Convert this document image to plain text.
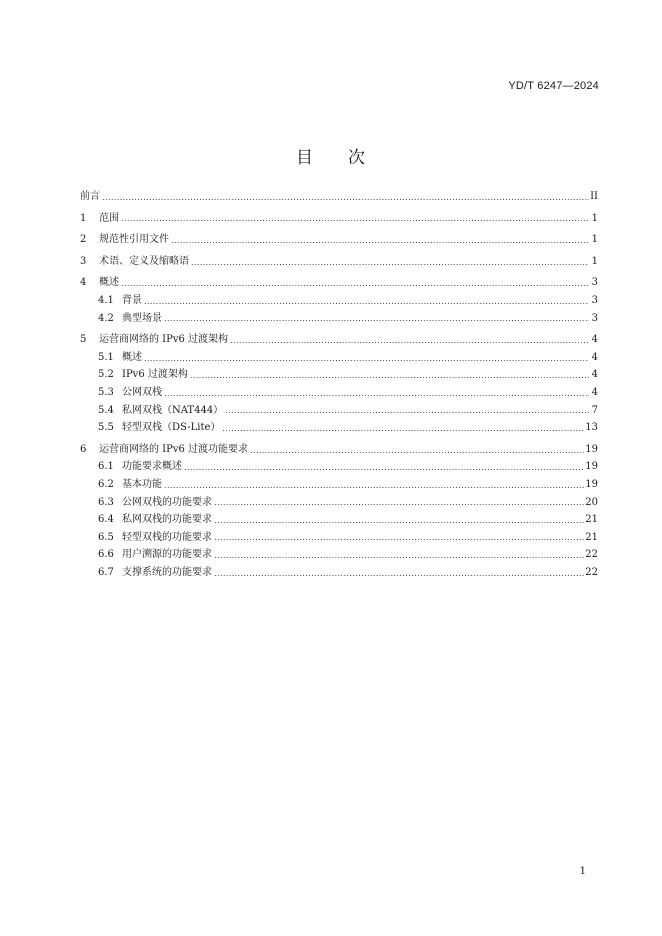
YD/T 6247—2024
目 次
前言 .....	II
1	范围 .....	1
2	规范性引用文件 .....	1
3	术语、定义及缩略语 .....	1
4	概述 .....	3
4.1 背景 .....	3
4.2 典型场景 .....	3
5	运营商网络的 IPv6 过渡架构 .....	4
5.1 概述 .....	4
5.2 IPv6 过渡架构 .....	4
5.3 公网双栈 .....	4
5.4 私网双栈（NAT444） .....	7
5.5 轻型双栈（DS-Lite） .....	13
6	运营商网络的 IPv6 过渡功能要求 .....	19
6.1 功能要求概述 .....	19
6.2 基本功能 .....	19
6.3 公网双栈的功能要求 .....	20
6.4 私网双栈的功能要求 .....	21
6.5 轻型双栈的功能要求 .....	21
6.6 用户溯源的功能要求 .....	22
6.7 支撑系统的功能要求 .....	22
1
